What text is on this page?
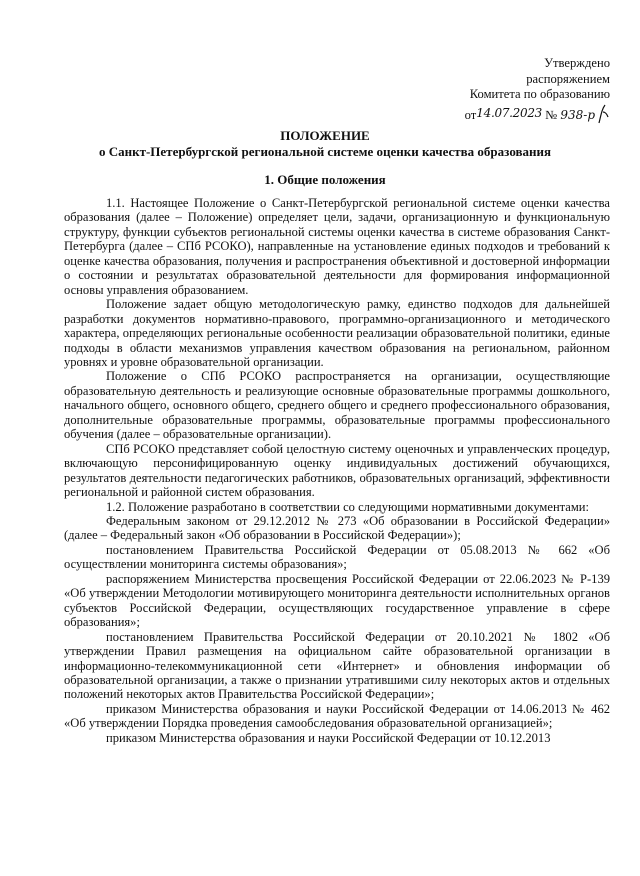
Утверждено
распоряжением
Комитета по образованию
от14.07.2023 № 938-р
ПОЛОЖЕНИЕ
о Санкт-Петербургской региональной системе оценки качества образования
1. Общие положения

1.1. Настоящее Положение о Санкт-Петербургской региональной системе оценки качества образования (далее – Положение) определяет цели, задачи, организационную и функциональную структуру, функции субъектов региональной системы оценки качества в системе образования Санкт-Петербурга (далее – СПб РСОКО), направленные на установление единых подходов и требований к оценке качества образования, получения и распространения объективной и достоверной информации о состоянии и результатах образовательной деятельности для формирования информационной основы управления образованием.

Положение задает общую методологическую рамку, единство подходов для дальнейшей разработки документов нормативно-правового, программно-организационного и методического характера, определяющих региональные особенности реализации образовательной политики, единые подходы в области механизмов управления качеством образования на региональном, районном уровнях и уровне образовательной организации.

Положение о СПб РСОКО распространяется на организации, осуществляющие образовательную деятельность и реализующие основные образовательные программы дошкольного, начального общего, основного общего, среднего общего и среднего профессионального образования, дополнительные образовательные программы, образовательные программы профессионального обучения (далее – образовательные организации).

СПб РСОКО представляет собой целостную систему оценочных и управленческих процедур, включающую персонифицированную оценку индивидуальных достижений обучающихся, результатов деятельности педагогических работников, образовательных организаций, эффективности региональной и районной систем образования.

1.2. Положение разработано в соответствии со следующими нормативными документами:

Федеральным законом от 29.12.2012 № 273 «Об образовании в Российской Федерации» (далее – Федеральный закон «Об образовании в Российской Федерации»);

постановлением Правительства Российской Федерации от 05.08.2013 № 662 «Об осуществлении мониторинга системы образования»;

распоряжением Министерства просвещения Российской Федерации от 22.06.2023 № Р-139 «Об утверждении Методологии мотивирующего мониторинга деятельности исполнительных органов субъектов Российской Федерации, осуществляющих государственное управление в сфере образования»;

постановлением Правительства Российской Федерации от 20.10.2021 № 1802 «Об утверждении Правил размещения на официальном сайте образовательной организации в информационно-телекоммуникационной сети «Интернет» и обновления информации об образовательной организации, а также о признании утратившими силу некоторых актов и отдельных положений некоторых актов Правительства Российской Федерации»;

приказом Министерства образования и науки Российской Федерации от 14.06.2013 № 462 «Об утверждении Порядка проведения самообследования образовательной организацией»;

приказом Министерства образования и науки Российской Федерации от 10.12.2013
